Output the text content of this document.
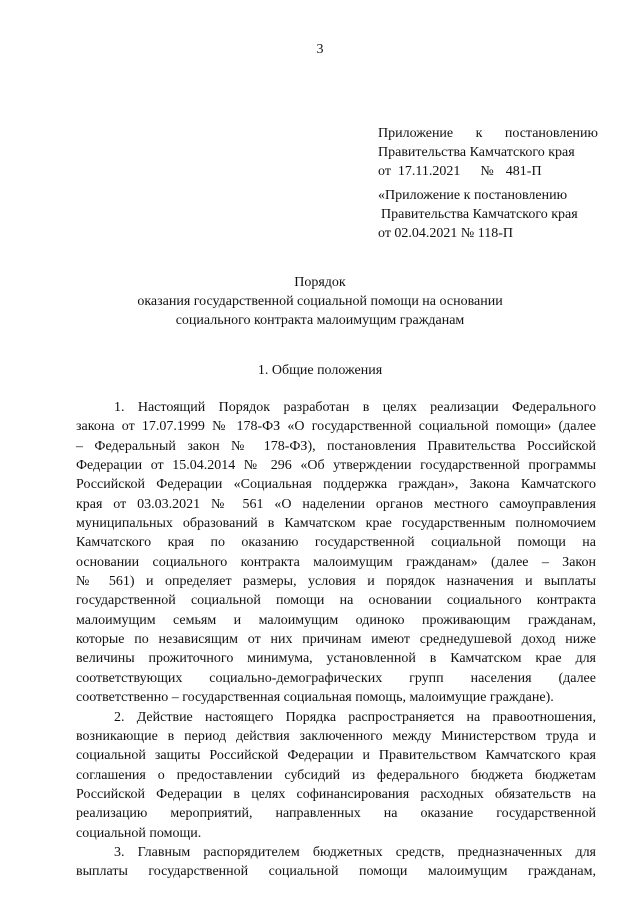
3
Приложение к постановлению
Правительства Камчатского края
от  17.11.2021 № 481-П
«Приложение к постановлению
Правительства Камчатского края
от 02.04.2021 № 118-П
Порядок
оказания государственной социальной помощи на основании
социального контракта малоимущим гражданам
1. Общие положения

1. Настоящий Порядок разработан в целях реализации Федерального
закона от 17.07.1999 № 178-ФЗ «О государственной социальной помощи» (далее
– Федеральный закон № 178-ФЗ), постановления Правительства Российской
Федерации от 15.04.2014 № 296 «Об утверждении государственной программы
Российской Федерации «Социальная поддержка граждан», Закона Камчатского
края от 03.03.2021 № 561 «О наделении органов местного самоуправления
муниципальных образований в Камчатском крае государственным полномочием
Камчатского края по оказанию государственной социальной помощи на
основании социального контракта малоимущим гражданам» (далее – Закон
№ 561) и определяет размеры, условия и порядок назначения и выплаты
государственной социальной помощи на основании социального контракта
малоимущим семьям и малоимущим одиноко проживающим гражданам,
которые по независящим от них причинам имеют среднедушевой доход ниже
величины прожиточного минимума, установленной в Камчатском крае для
соответствующих социально-демографических групп населения (далее
соответственно – государственная социальная помощь, малоимущие граждане).

2. Действие настоящего Порядка распространяется на правоотношения,
возникающие в период действия заключенного между Министерством труда и
социальной защиты Российской Федерации и Правительством Камчатского края
соглашения о предоставлении субсидий из федерального бюджета бюджетам
Российской Федерации в целях софинансирования расходных обязательств на
реализацию мероприятий, направленных на оказание государственной
социальной помощи.

3. Главным распорядителем бюджетных средств, предназначенных для
выплаты государственной социальной помощи малоимущим гражданам,
